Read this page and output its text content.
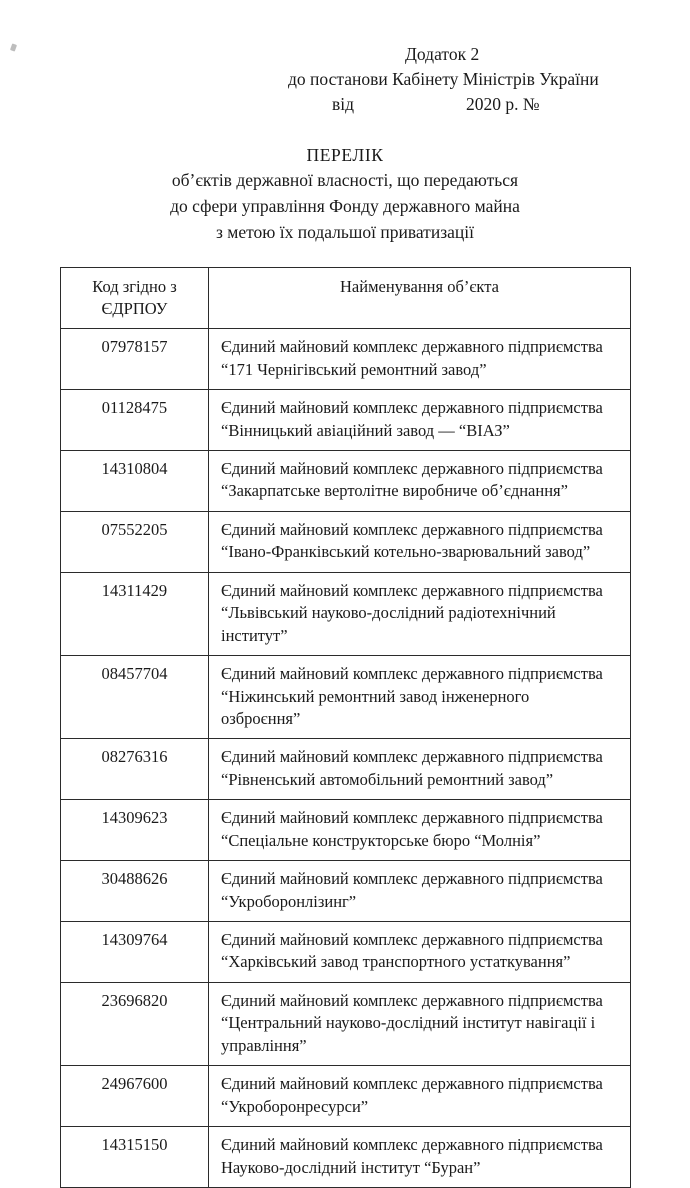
Додаток 2
до постанови Кабінету Міністрів України
від	2020 р. №
ПЕРЕЛІК
об’єктів державної власності, що передаються
до сфери управління Фонду державного майна
з метою їх подальшої приватизації
Код згідно з
ЄДРПОУ	Найменування об’єкта
07978157	Єдиний майновий комплекс державного підприємства
“171 Чернігівський ремонтний завод”

01128475	Єдиний майновий комплекс державного підприємства
“Вінницький авіаційний завод — “ВІАЗ”

14310804	Єдиний майновий комплекс державного підприємства
“Закарпатське вертолітне виробниче об’єднання”

07552205	Єдиний майновий комплекс державного підприємства
“Івано-Франківський котельно-зварювальний завод”

14311429	Єдиний майновий комплекс державного підприємства
“Львівський науково-дослідний радіотехнічний
інститут”

08457704	Єдиний майновий комплекс державного підприємства
“Ніжинський ремонтний завод інженерного
озброєння”

08276316	Єдиний майновий комплекс державного підприємства
“Рівненський автомобільний ремонтний завод”

14309623	Єдиний майновий комплекс державного підприємства
“Спеціальне конструкторське бюро “Молнія”

30488626	Єдиний майновий комплекс державного підприємства
“Укроборонлізинг”

14309764	Єдиний майновий комплекс державного підприємства
“Харківський завод транспортного устаткування”

23696820	Єдиний майновий комплекс державного підприємства
“Центральний науково-дослідний інститут навігації і
управління”

24967600	Єдиний майновий комплекс державного підприємства
“Укроборонресурси”

14315150	Єдиний майновий комплекс державного підприємства
Науково-дослідний інститут “Буран”
